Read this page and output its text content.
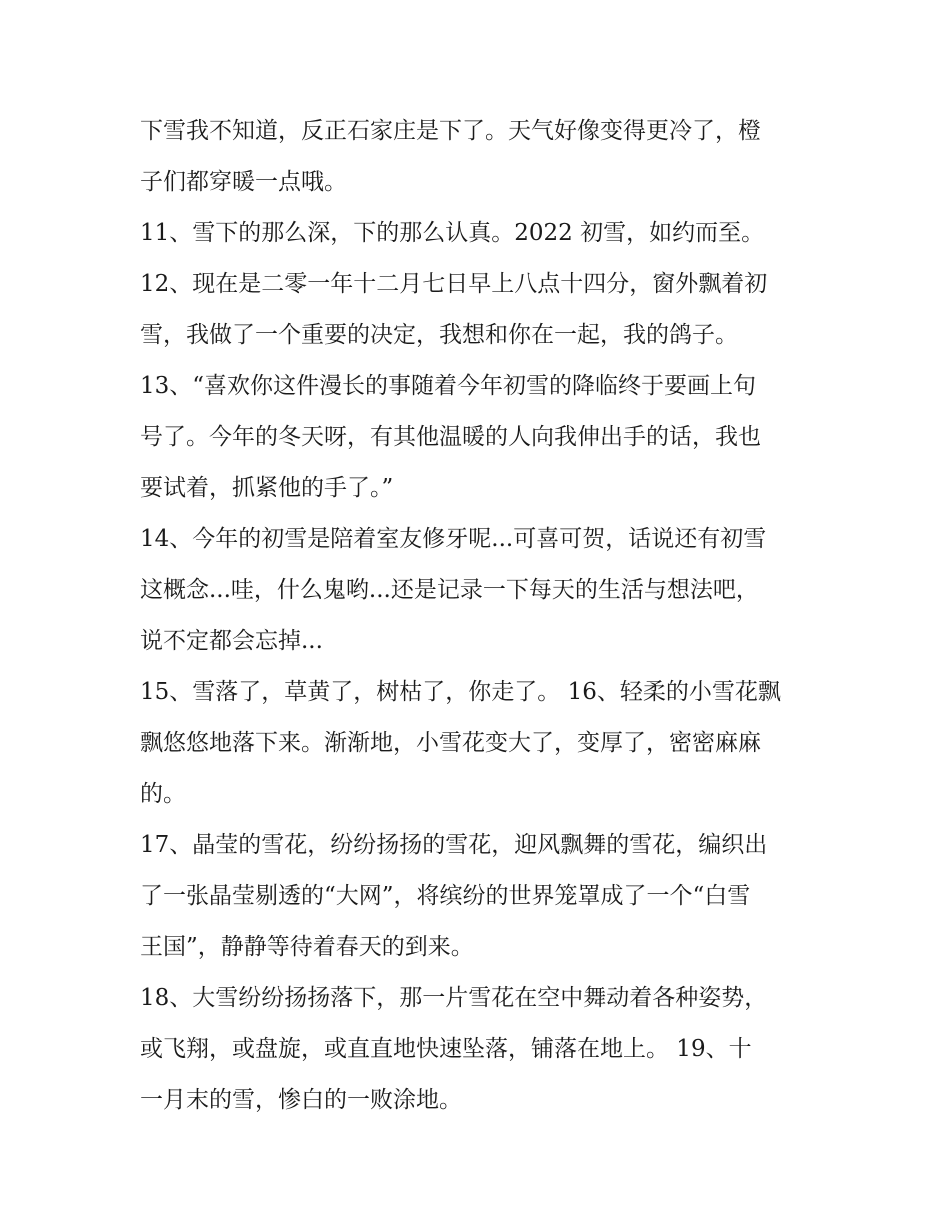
下雪我不知道，反正石家庄是下了。天气好像变得更冷了，橙
子们都穿暖一点哦。
11、雪下的那么深，下的那么认真。2022 初雪，如约而至。
12、现在是二零一年十二月七日早上八点十四分，窗外飘着初
雪，我做了一个重要的决定，我想和你在一起，我的鸽子。
13、“喜欢你这件漫长的事随着今年初雪的降临终于要画上句
号了。今年的冬天呀，有其他温暖的人向我伸出手的话，我也
要试着，抓紧他的手了。”
14、今年的初雪是陪着室友修牙呢...可喜可贺，话说还有初雪
这概念...哇，什么鬼哟...还是记录一下每天的生活与想法吧，
说不定都会忘掉...
15、雪落了，草黄了，树枯了，你走了。 16、轻柔的小雪花飘
飘悠悠地落下来。渐渐地，小雪花变大了，变厚了，密密麻麻
的。
17、晶莹的雪花，纷纷扬扬的雪花，迎风飘舞的雪花，编织出
了一张晶莹剔透的“大网”，将缤纷的世界笼罩成了一个“白雪
王国”，静静等待着春天的到来。
18、大雪纷纷扬扬落下，那一片雪花在空中舞动着各种姿势，
或飞翔，或盘旋，或直直地快速坠落，铺落在地上。 19、十
一月末的雪，惨白的一败涂地。
